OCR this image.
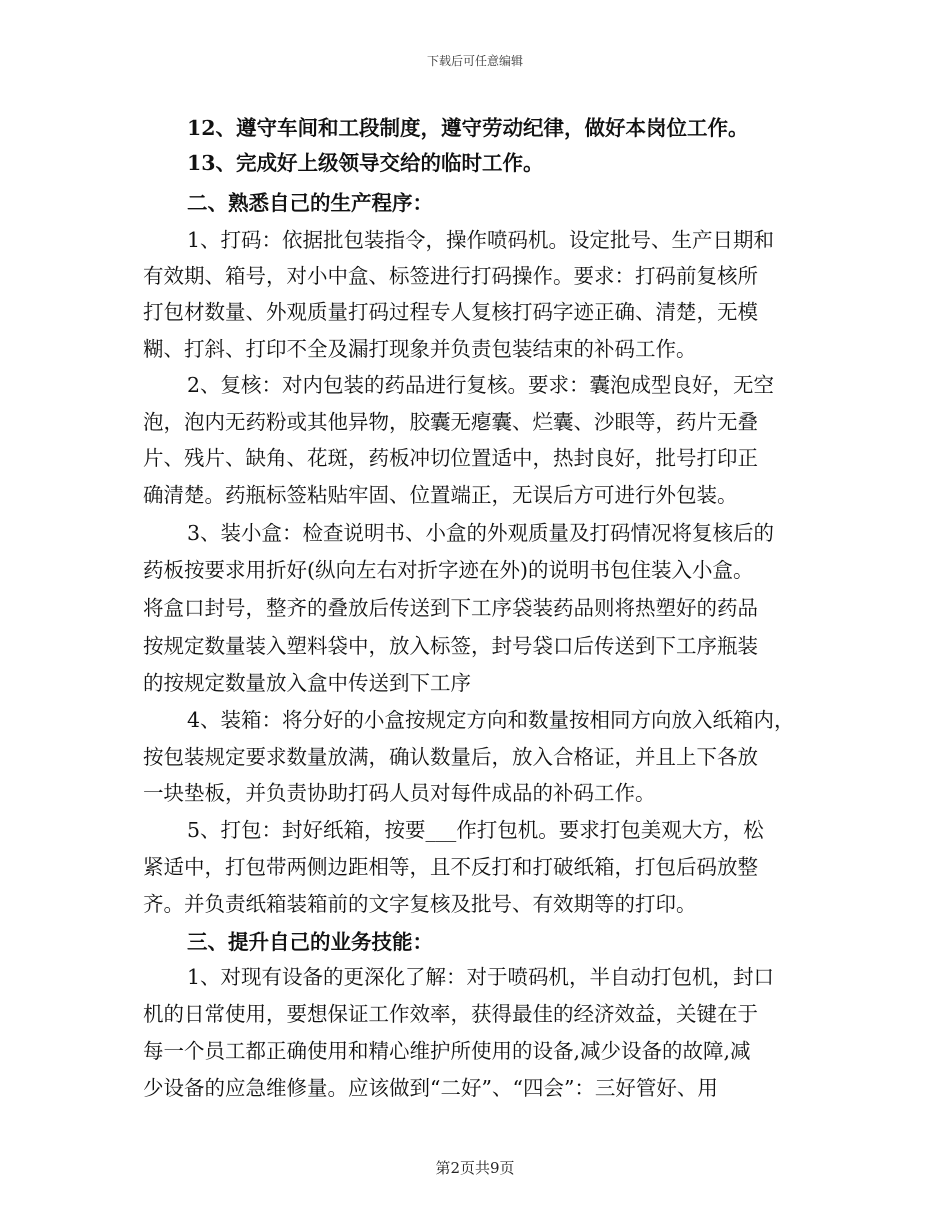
下载后可任意编辑
12、遵守车间和工段制度，遵守劳动纪律，做好本岗位工作。
13、完成好上级领导交给的临时工作。
二、熟悉自己的生产程序：
1、打码：依据批包装指令，操作喷码机。设定批号、生产日期和
有效期、箱号，对小中盒、标签进行打码操作。要求：打码前复核所
打包材数量、外观质量打码过程专人复核打码字迹正确、清楚，无模
糊、打斜、打印不全及漏打现象并负责包装结束的补码工作。
2、复核：对内包装的药品进行复核。要求：囊泡成型良好，无空
泡，泡内无药粉或其他异物，胶囊无瘪囊、烂囊、沙眼等，药片无叠
片、残片、缺角、花斑，药板冲切位置适中，热封良好，批号打印正
确清楚。药瓶标签粘贴牢固、位置端正，无误后方可进行外包装。
3、装小盒：检查说明书、小盒的外观质量及打码情况将复核后的
药板按要求用折好(纵向左右对折字迹在外)的说明书包住装入小盒。
将盒口封号，整齐的叠放后传送到下工序袋装药品则将热塑好的药品
按规定数量装入塑料袋中，放入标签，封号袋口后传送到下工序瓶装
的按规定数量放入盒中传送到下工序
4、装箱：将分好的小盒按规定方向和数量按相同方向放入纸箱内，
按包装规定要求数量放满，确认数量后，放入合格证，并且上下各放
一块垫板，并负责协助打码人员对每件成品的补码工作。
5、打包：封好纸箱，按要___作打包机。要求打包美观大方，松
紧适中，打包带两侧边距相等，且不反打和打破纸箱，打包后码放整
齐。并负责纸箱装箱前的文字复核及批号、有效期等的打印。
三、提升自己的业务技能：
1、对现有设备的更深化了解：对于喷码机，半自动打包机，封口
机的日常使用，要想保证工作效率，获得最佳的经济效益，关键在于
每一个员工都正确使用和精心维护所使用的设备,减少设备的故障,减
少设备的应急维修量。应该做到“二好”、“四会”：三好管好、用
第2页共9页
